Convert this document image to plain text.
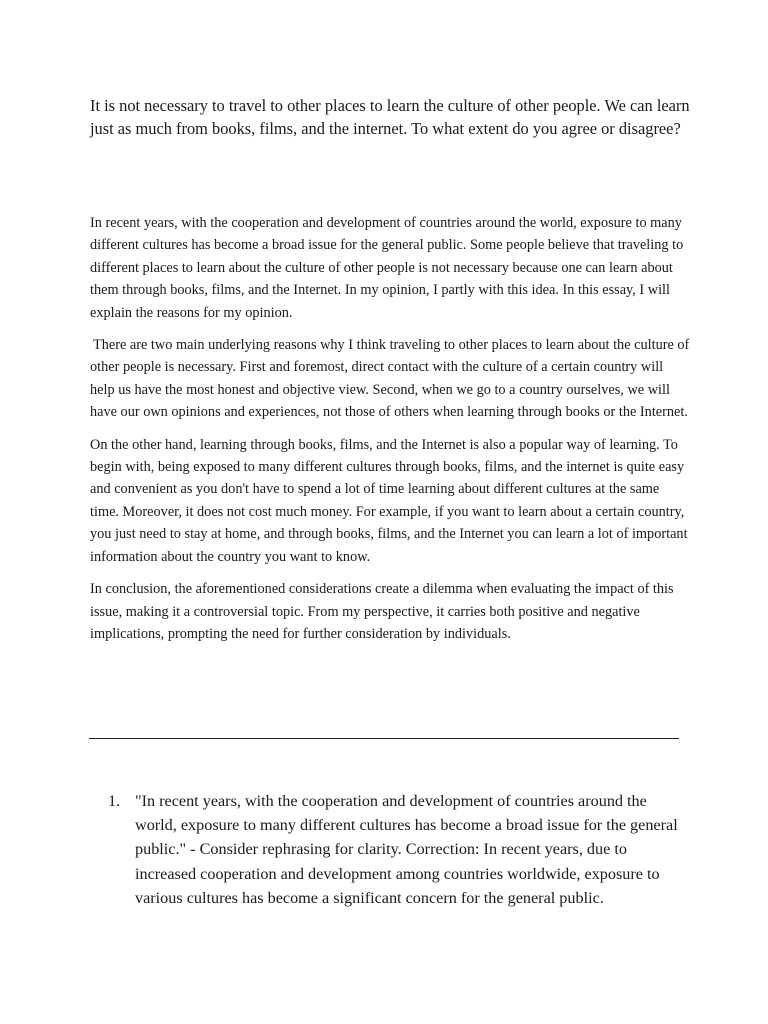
It is not necessary to travel to other places to learn the culture of other people. We can learn just as much from books, films, and the internet. To what extent do you agree or disagree?

In recent years, with the cooperation and development of countries around the world, exposure to many different cultures has become a broad issue for the general public. Some people believe that traveling to different places to learn about the culture of other people is not necessary because one can learn about them through books, films, and the Internet. In my opinion, I partly with this idea. In this essay, I will explain the reasons for my opinion.

There are two main underlying reasons why I think traveling to other places to learn about the culture of other people is necessary. First and foremost, direct contact with the culture of a certain country will help us have the most honest and objective view. Second, when we go to a country ourselves, we will have our own opinions and experiences, not those of others when learning through books or the Internet.

On the other hand, learning through books, films, and the Internet is also a popular way of learning. To begin with, being exposed to many different cultures through books, films, and the internet is quite easy and convenient as you don't have to spend a lot of time learning about different cultures at the same time. Moreover, it does not cost much money. For example, if you want to learn about a certain country, you just need to stay at home, and through books, films, and the Internet you can learn a lot of important information about the country you want to know.

In conclusion, the aforementioned considerations create a dilemma when evaluating the impact of this issue, making it a controversial topic. From my perspective, it carries both positive and negative implications, prompting the need for further consideration by individuals.

1. "In recent years, with the cooperation and development of countries around the world, exposure to many different cultures has become a broad issue for the general public." - Consider rephrasing for clarity. Correction: In recent years, due to increased cooperation and development among countries worldwide, exposure to various cultures has become a significant concern for the general public.
